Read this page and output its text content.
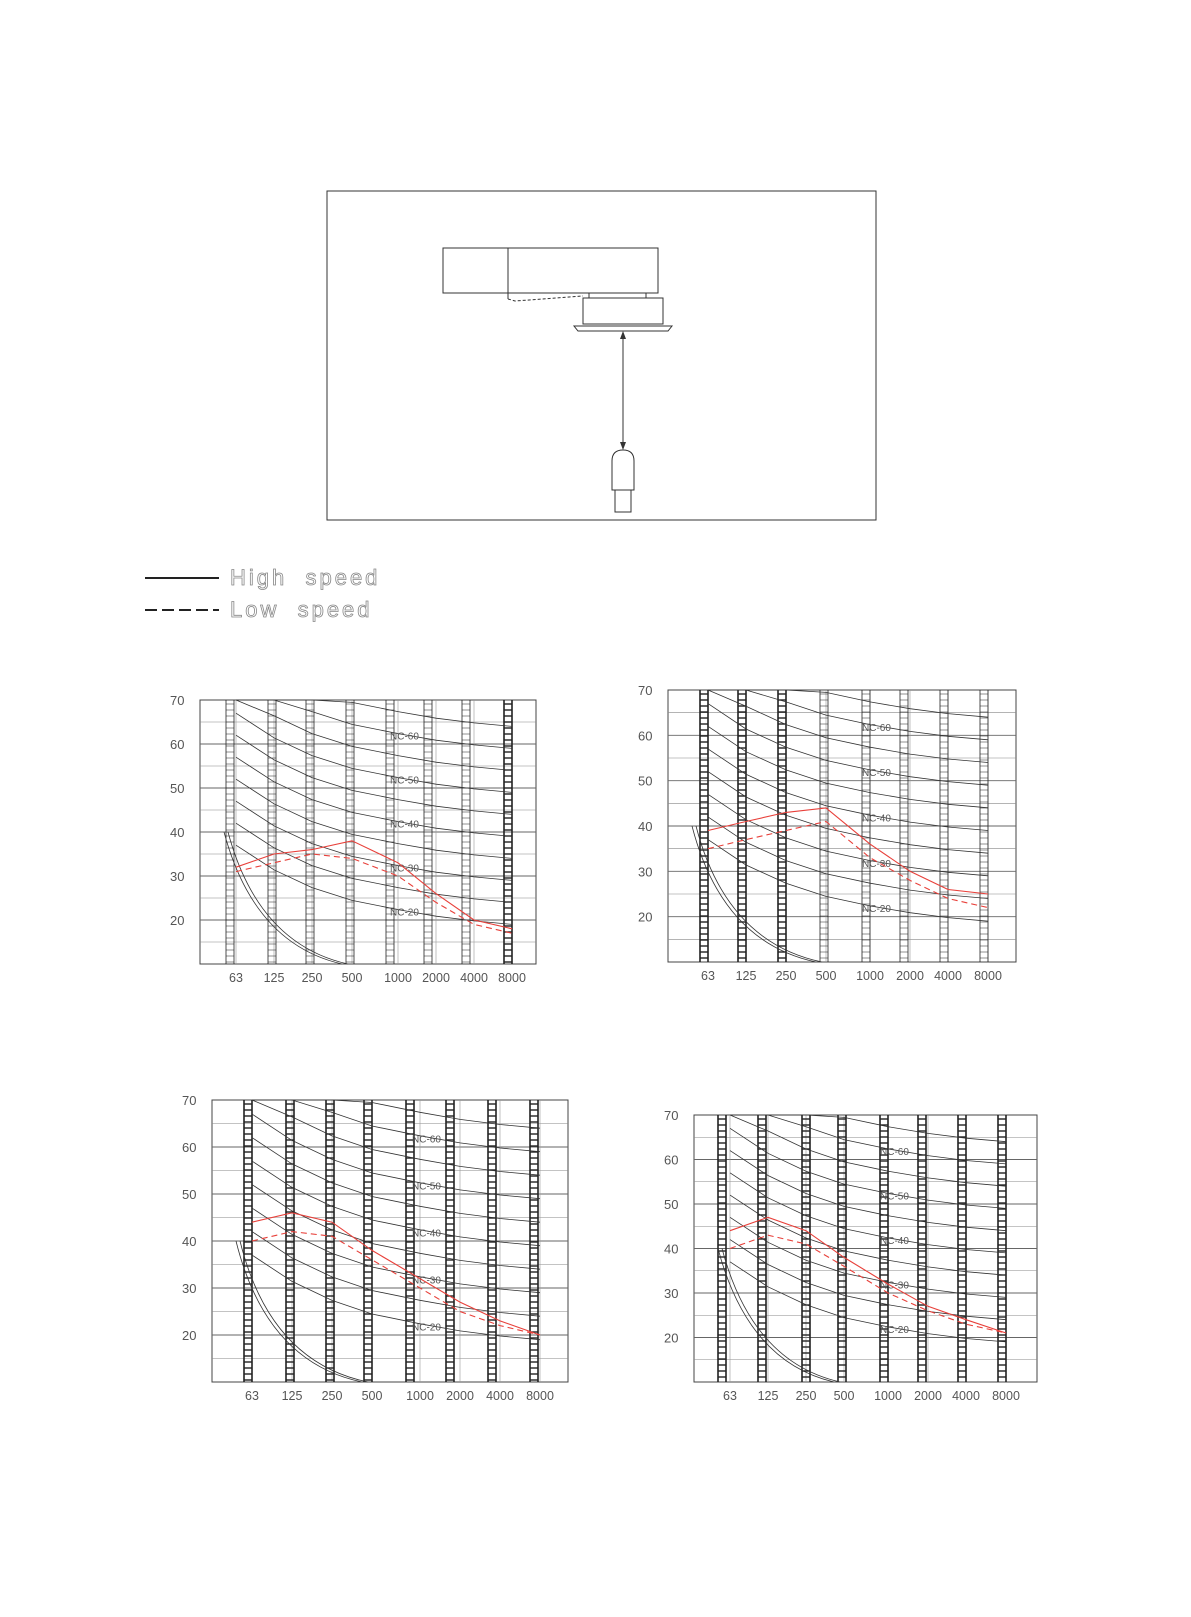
High  speed
Low  speed
20
30
40
50
60
70
63 125 250 500 1000 2000 4000 8000
NC-60
NC-50
NC-40
NC-30
NC-20	20
30
40
50
60
70
63 125 250 500 1000 2000 4000 8000
NC-60
NC-50
NC-40
NC-30
NC-20
20
30
40
50
60
70
63 125 250 500 1000 2000 4000 8000
NC-60
NC-50
NC-40
NC-30
NC-20
20
30
40
50
60
70
63 125 250 500 1000 2000 4000 8000
NC-60
NC-50
NC-40
NC-30
NC-20
